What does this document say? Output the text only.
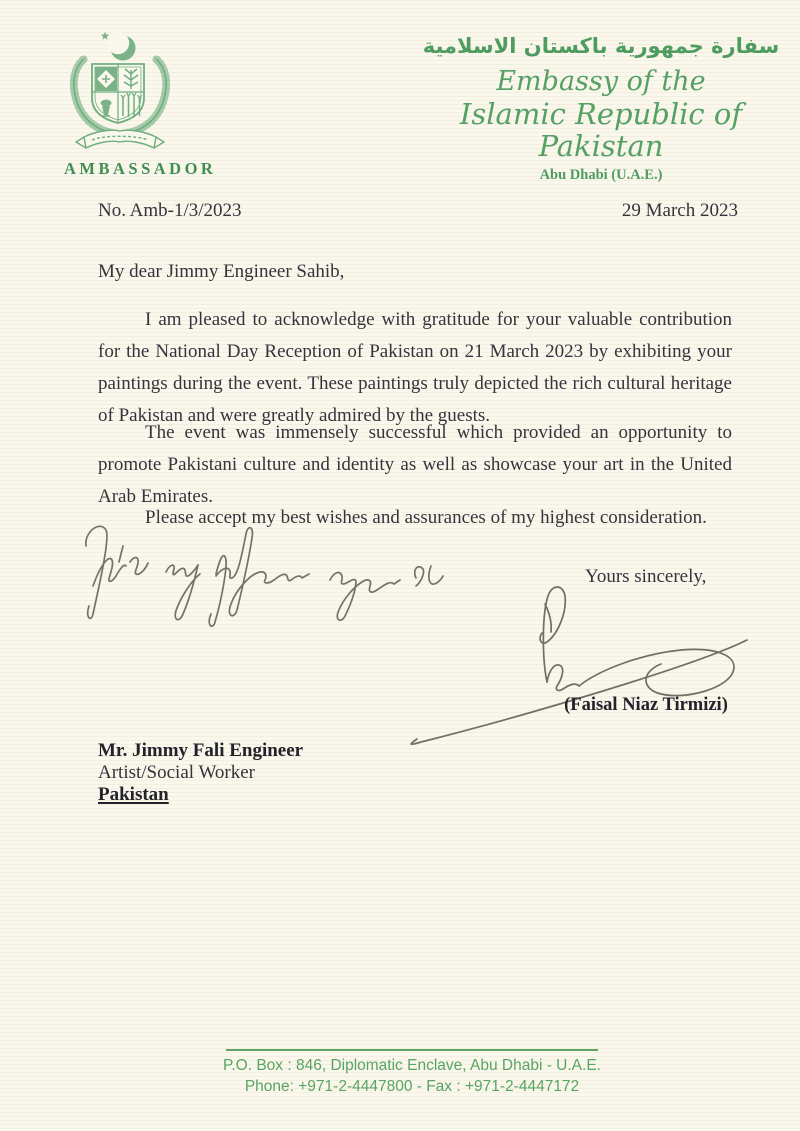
AMBASSADOR
سفارة جمهورية باكستان الاسلامية
Embassy of the
Islamic Republic of Pakistan
Abu Dhabi (U.A.E.)
No. Amb-1/3/2023	29 March 2023
My dear Jimmy Engineer Sahib,
I am pleased to acknowledge with gratitude for your valuable contribution for the National Day Reception of Pakistan on 21 March 2023 by exhibiting your paintings during the event. These paintings truly depicted the rich cultural heritage of Pakistan and were greatly admired by the guests.
The event was immensely successful which provided an opportunity to promote Pakistani culture and identity as well as showcase your art in the United Arab Emirates.
Please accept my best wishes and assurances of my highest consideration.
Yours sincerely,
(Faisal Niaz Tirmizi)
Mr. Jimmy Fali Engineer
Artist/Social Worker
Pakistan
P.O. Box : 846, Diplomatic Enclave, Abu Dhabi - U.A.E.
Phone: +971-2-4447800 - Fax : +971-2-4447172
